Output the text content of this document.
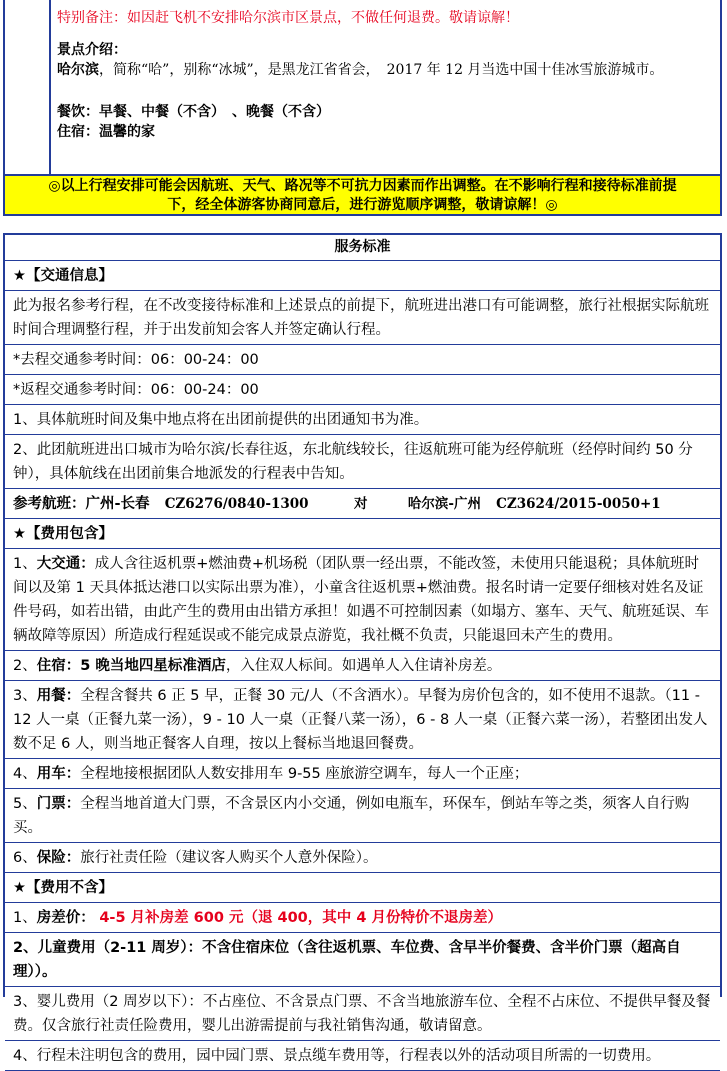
特别备注：如因赶飞机不安排哈尔滨市区景点，不做任何退费。敬请谅解！

景点介绍：

哈尔滨，简称“哈”，别称“冰城”，是黑龙江省省会，　2017 年 12 月当选中国十佳冰雪旅游城市。

餐饮：早餐、中餐（不含）　、晚餐（不含）

住宿：温馨的家

◎以上行程安排可能会因航班、天气、路况等不可抗力因素而作出调整。在不影响行程和接待标准前提
下，经全体游客协商同意后，进行游览顺序调整，敬请谅解！◎
服务标准
★【交通信息】
此为报名参考行程，在不改变接待标准和上述景点的前提下，航班进出港口有可能调整，旅行社根据实际航班时间合理调整行程，并于出发前知会客人并签定确认行程。
*去程交通参考时间：06：00-24：00
*返程交通参考时间：06：00-24：00
1、具体航班时间及集中地点将在出团前提供的出团通知书为准。
2、此团航班进出口城市为哈尔滨/长春往返，东北航线较长，往返航班可能为经停航班（经停时间约 50 分钟），具体航线在出团前集合地派发的行程表中告知。
参考航班：广州-长春 CZ6276/0840-1300	对	哈尔滨-广州 CZ3624/2015-0050+1
★【费用包含】
1、大交通：成人含往返机票+燃油费+机场税（团队票一经出票，不能改签，未使用只能退税；具体航班时间以及第 1 天具体抵达港口以实际出票为准），小童含往返机票+燃油费。报名时请一定要仔细核对姓名及证件号码，如若出错，由此产生的费用由出错方承担！如遇不可控制因素（如塌方、塞车、天气、航班延误、车辆故障等原因）所造成行程延误或不能完成景点游览，我社概不负责，只能退回未产生的费用。
2、住宿：5 晚当地四星标准酒店，入住双人标间。如遇单人入住请补房差。
3、用餐：全程含餐共 6 正 5 早，正餐 30 元/人（不含酒水）。早餐为房价包含的，如不使用不退款。（11 - 12 人一桌（正餐九菜一汤），9 - 10 人一桌（正餐八菜一汤），6 - 8 人一桌（正餐六菜一汤），若整团出发人数不足 6 人，则当地正餐客人自理，按以上餐标当地退回餐费。
4、用车：全程地接根据团队人数安排用车 9-55 座旅游空调车，每人一个正座；
5、门票：全程当地首道大门票，不含景区内小交通，例如电瓶车，环保车，倒站车等之类，须客人自行购买。
6、保险：旅行社责任险（建议客人购买个人意外保险）。
★【费用不含】
1、房差价： 4-5 月补房差 600 元（退 400，其中 4 月份特价不退房差）
2、儿童费用（2-11 周岁）：不含住宿床位（含往返机票、车位费、含早半价餐费、含半价门票（超高自理））。
3、婴儿费用（2 周岁以下）：不占座位、不含景点门票、不含当地旅游车位、全程不占床位、不提供早餐及餐费。仅含旅行社责任险费用，婴儿出游需提前与我社销售沟通，敬请留意。
4、行程未注明包含的费用，园中园门票、景点缆车费用等，行程表以外的活动项目所需的一切费用。
